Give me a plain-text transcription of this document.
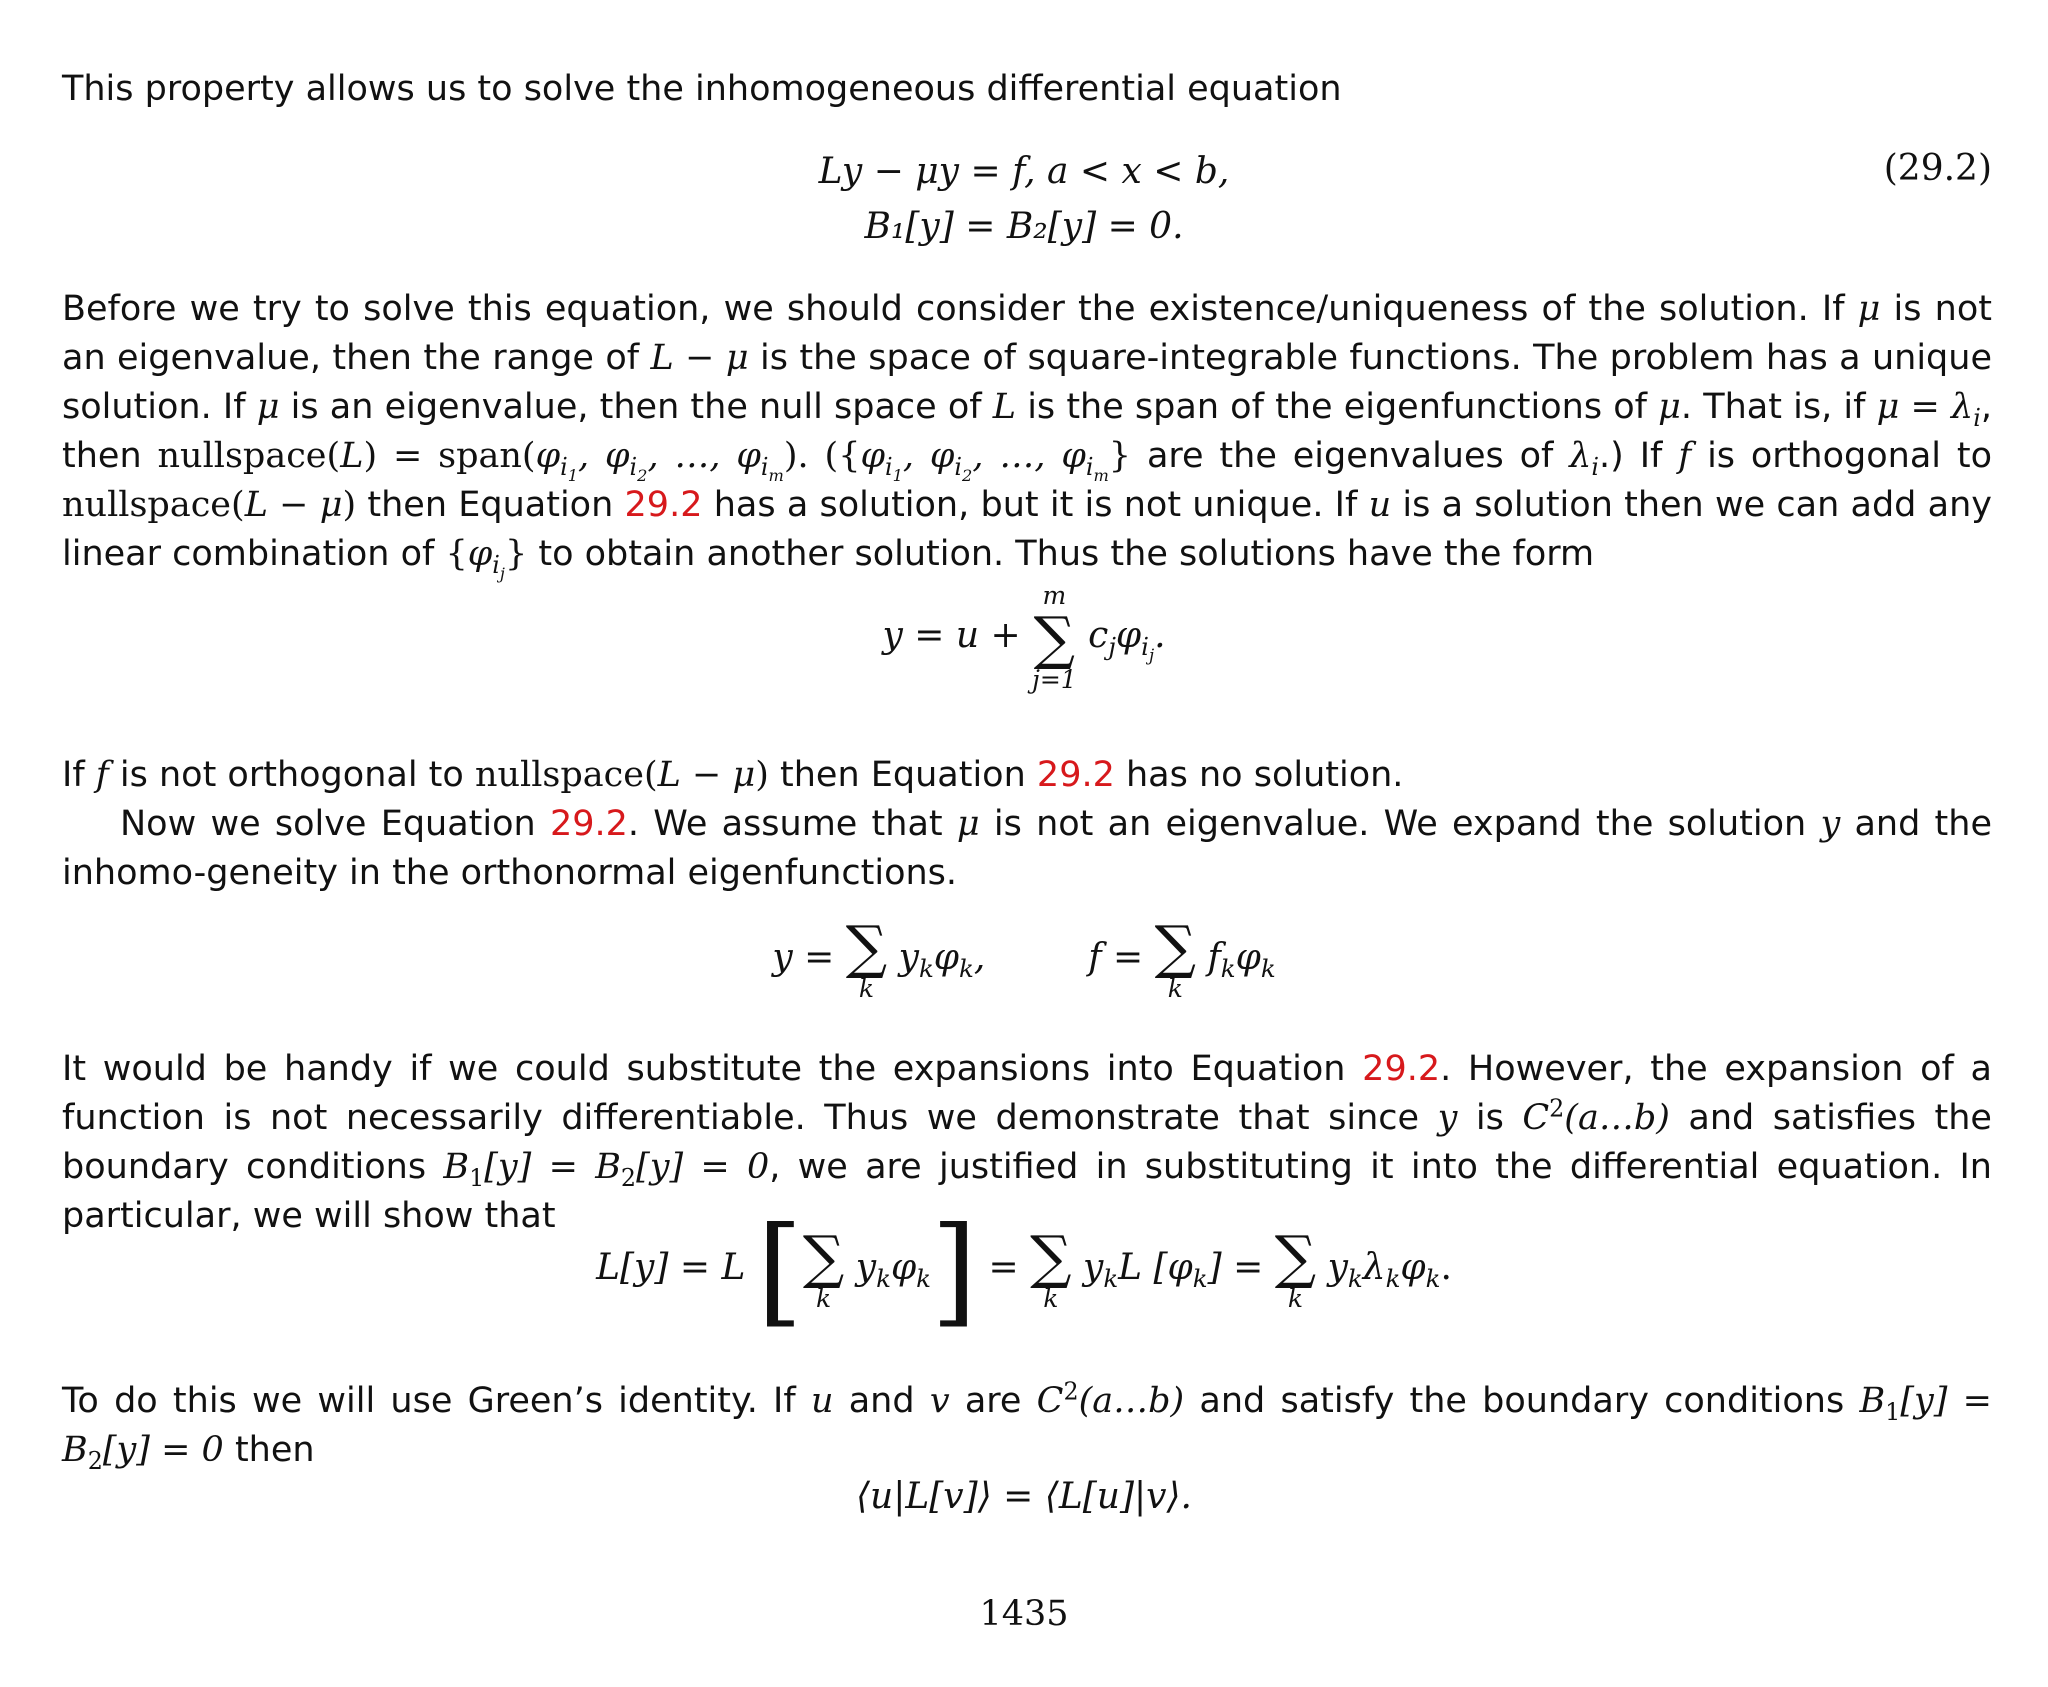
This property allows us to solve the inhomogeneous differential equation
Ly − μy = f, a < x < b,	(29.2)
B₁[y] = B₂[y] = 0.
Before we try to solve this equation, we should consider the existence/uniqueness of the solution. If μ is not an eigenvalue, then the range of L − μ is the space of square-integrable functions. The problem has a unique solution. If μ is an eigenvalue, then the null space of L is the span of the eigenfunctions of μ. That is, if $\mu = \lambda_i$, then nullspace(L) = $span(\varphi_{i_1}$, $\varphi_{i_2}$, …, $\varphi_{i_m}$). ({$\varphi_{i_1}$, $\varphi_{i_2}$, …, $\varphi_{i_m}$} are the eigenvalues of $\lambda_i$.) If f is orthogonal to nullspace(L − μ) then Equation 29.2 has a solution, but it is not unique. If u is a solution then we can add any linear combination of $\{\varphi_{i_j}\}$ to obtain another solution. Thus the solutions have the form
y = u +
m
∑
j=1
$c_j\varphi_{i_j}$.
If f is not orthogonal to nullspace(L − μ) then Equation 29.2 has no solution.
Now we solve Equation 29.2. We assume that μ is not an eigenvalue. We expand the solution y and the inhomo-geneity in the orthonormal eigenfunctions.
y = ∑
k
$y_k\varphi_k$,	f = ∑
k
$f_k\varphi_k$
It would be handy if we could substitute the expansions into Equation 29.2. However, the expansion of a function is not necessarily differentiable. Thus we demonstrate that since y is $C^2(a\dots b)$ and satisfies the boundary conditions $B_1[y] = B_2[y] = 0$, we are justified in substituting it into the differential equation. In particular, we will show that
L[y] = L [ ∑
k
$y_k\varphi_k$] = ∑
k
$y_kL$ $[\varphi_k]$ = ∑
k
$y_k\lambda_k\varphi_k$.
To do this we will use Green’s identity. If u and v are $C^2(a\dots b)$ and satisfy the boundary conditions $B_1[y] = B_2[y] = 0$ then
⟨u|L[v]⟩ = ⟨L[u]|v⟩.
1435
